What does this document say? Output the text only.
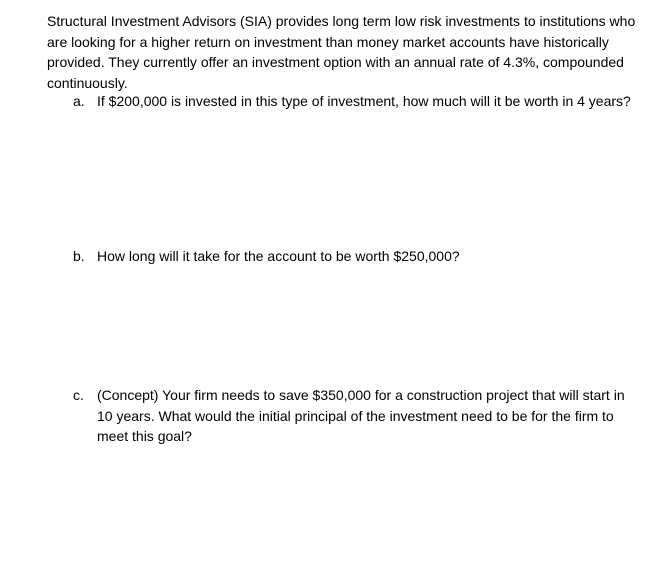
Structural Investment Advisors (SIA) provides long term low risk investments to institutions who are looking for a higher return on investment than money market accounts have historically provided. They currently offer an investment option with an annual rate of 4.3%, compounded continuously.

a. If $200,000 is invested in this type of investment, how much will it be worth in 4 years?

b. How long will it take for the account to be worth $250,000?

c. (Concept) Your firm needs to save $350,000 for a construction project that will start in 10 years. What would the initial principal of the investment need to be for the firm to meet this goal?
